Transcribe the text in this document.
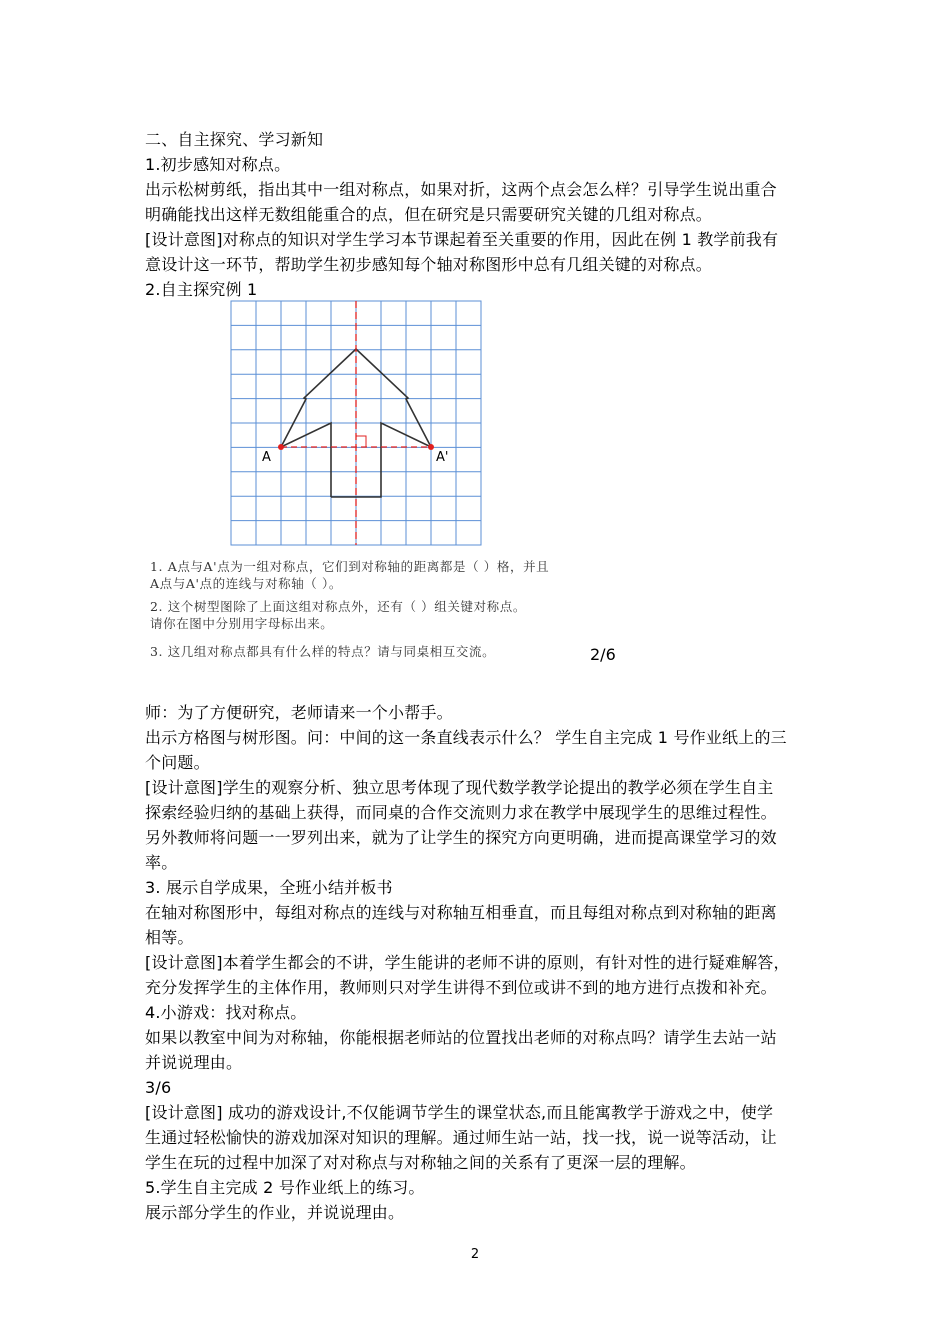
二、自主探究、学习新知
1.初步感知对称点。
出示松树剪纸，指出其中一组对称点，如果对折，这两个点会怎么样？引导学生说出重合
明确能找出这样无数组能重合的点，但在研究是只需要研究关键的几组对称点。
[设计意图]对称点的知识对学生学习本节课起着至关重要的作用，因此在例 1 教学前我有
意设计这一环节，帮助学生初步感知每个轴对称图形中总有几组关键的对称点。
2.自主探究例 1
A	A'
1. A点与A'点为一组对称点，它们到对称轴的距离都是（ ）格，并且
A点与A'点的连线与对称轴（ ）。
2. 这个树型图除了上面这组对称点外，还有（ ）组关键对称点。
请你在图中分别用字母标出来。
3. 这几组对称点都具有什么样的特点？请与同桌相互交流。	2/6
师：为了方便研究，老师请来一个小帮手。
出示方格图与树形图。问：中间的这一条直线表示什么？ 学生自主完成 1 号作业纸上的三
个问题。
[设计意图]学生的观察分析、独立思考体现了现代数学教学论提出的教学必须在学生自主
探索经验归纳的基础上获得，而同桌的合作交流则力求在教学中展现学生的思维过程性。
另外教师将问题一一罗列出来，就为了让学生的探究方向更明确，进而提高课堂学习的效
率。
3. 展示自学成果，全班小结并板书
在轴对称图形中，每组对称点的连线与对称轴互相垂直，而且每组对称点到对称轴的距离
相等。
[设计意图]本着学生都会的不讲，学生能讲的老师不讲的原则，有针对性的进行疑难解答，
充分发挥学生的主体作用，教师则只对学生讲得不到位或讲不到的地方进行点拨和补充。
4.小游戏：找对称点。
如果以教室中间为对称轴，你能根据老师站的位置找出老师的对称点吗？请学生去站一站
并说说理由。
3/6
[设计意图] 成功的游戏设计,不仅能调节学生的课堂状态,而且能寓教学于游戏之中，使学
生通过轻松愉快的游戏加深对知识的理解。通过师生站一站，找一找，说一说等活动，让
学生在玩的过程中加深了对对称点与对称轴之间的关系有了更深一层的理解。
5.学生自主完成 2 号作业纸上的练习。
展示部分学生的作业，并说说理由。
2
